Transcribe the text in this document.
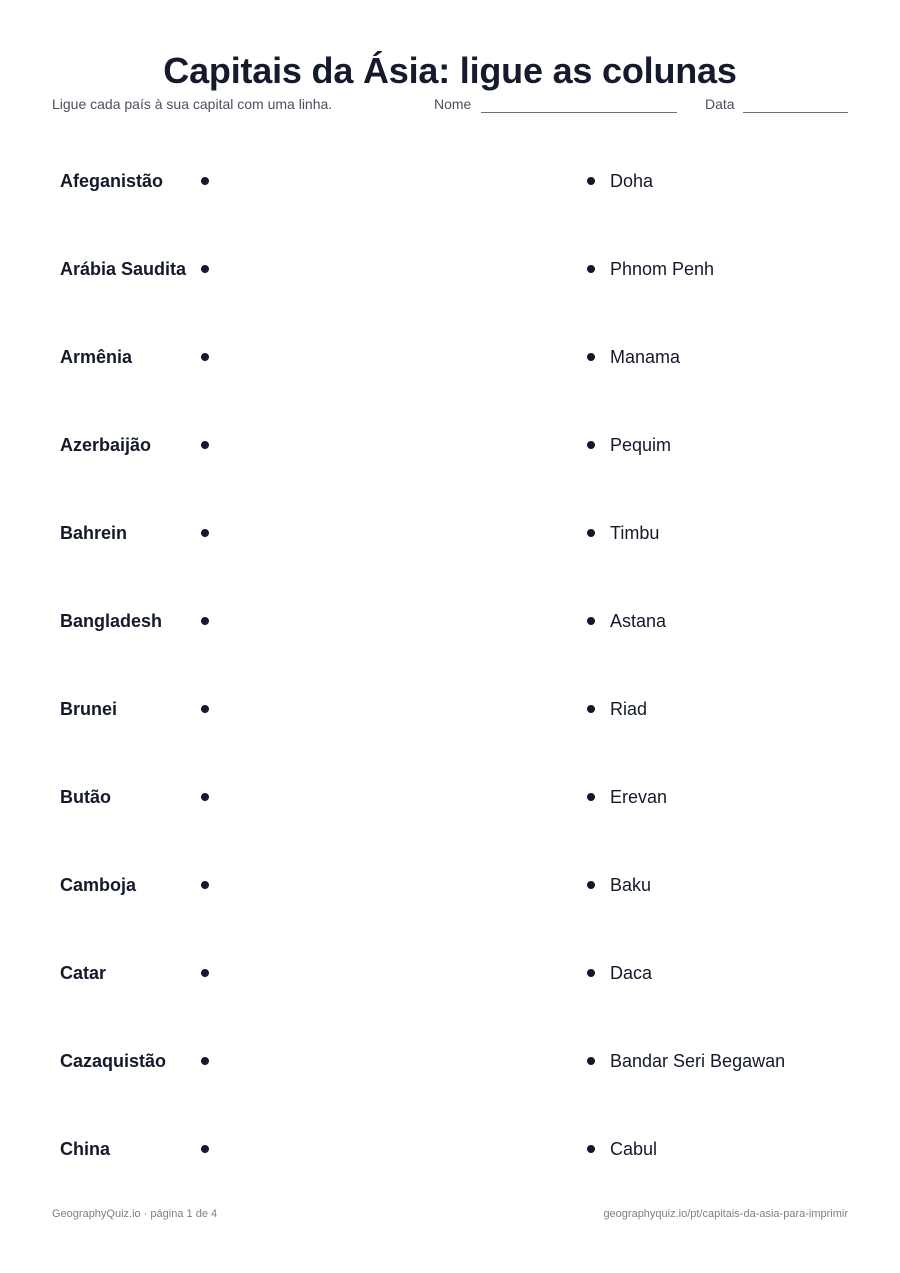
Capitais da Ásia: ligue as colunas
Ligue cada país à sua capital com uma linha.	Nome	Data
Afeganistão	Doha
Arábia Saudita	Phnom Penh
Armênia	Manama
Azerbaijão	Pequim
Bahrein	Timbu
Bangladesh	Astana
Brunei	Riad
Butão	Erevan
Camboja	Baku
Catar	Daca
Cazaquistão	Bandar Seri Begawan
China	Cabul
GeographyQuiz.io · página 1 de 4	geographyquiz.io/pt/capitais-da-asia-para-imprimir
